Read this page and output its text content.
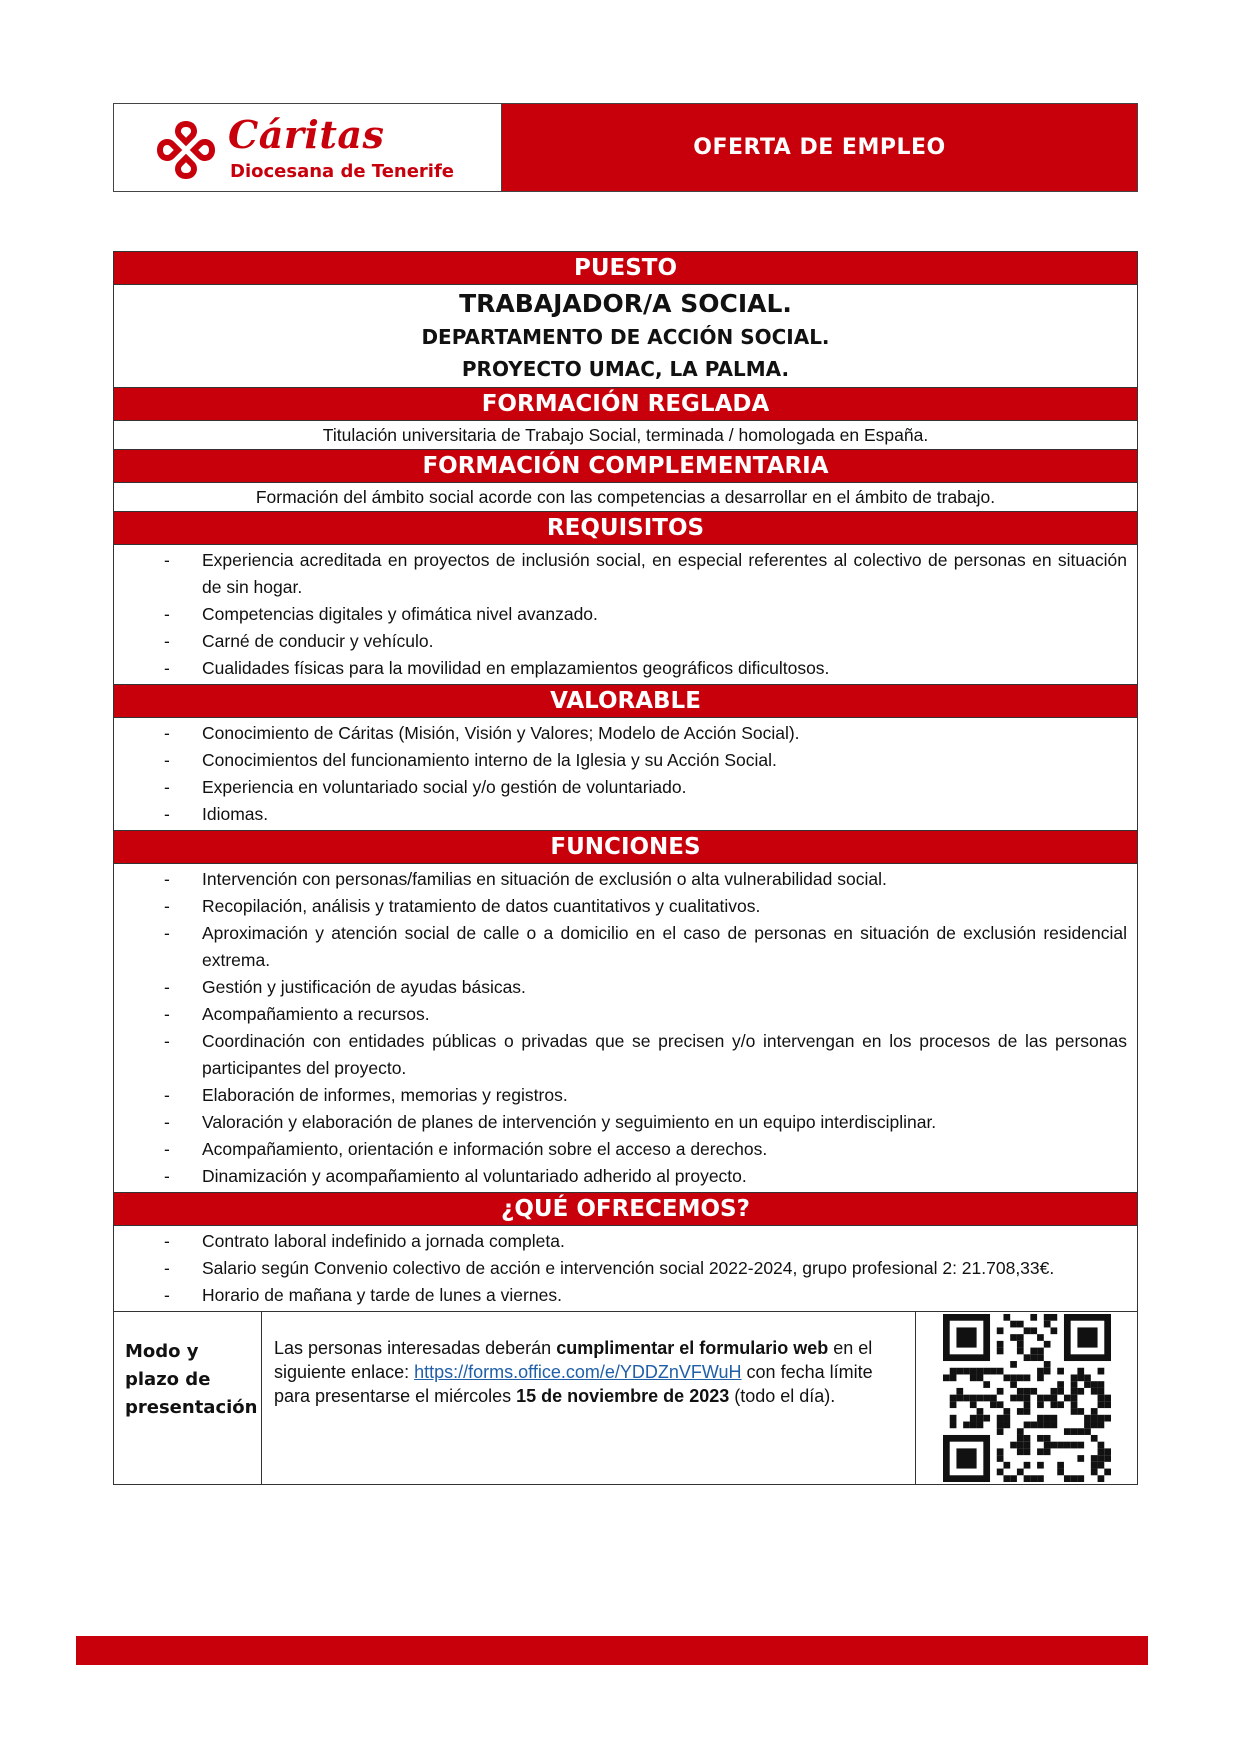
Cáritas
Diocesana de Tenerife
OFERTA DE EMPLEO
PUESTO
TRABAJADOR/A SOCIAL.
DEPARTAMENTO DE ACCIÓN SOCIAL.
PROYECTO UMAC, LA PALMA.
FORMACIÓN REGLADA
Titulación universitaria de Trabajo Social, terminada / homologada en España.
FORMACIÓN COMPLEMENTARIA
Formación del ámbito social acorde con las competencias a desarrollar en el ámbito de trabajo.
REQUISITOS
- Experiencia acreditada en proyectos de inclusión social, en especial referentes al colectivo de personas en situación de sin hogar.
- Competencias digitales y ofimática nivel avanzado.
- Carné de conducir y vehículo.
- Cualidades físicas para la movilidad en emplazamientos geográficos dificultosos.
VALORABLE
- Conocimiento de Cáritas (Misión, Visión y Valores; Modelo de Acción Social).
- Conocimientos del funcionamiento interno de la Iglesia y su Acción Social.
- Experiencia en voluntariado social y/o gestión de voluntariado.
- Idiomas.
FUNCIONES
- Intervención con personas/familias en situación de exclusión o alta vulnerabilidad social.
- Recopilación, análisis y tratamiento de datos cuantitativos y cualitativos.
- Aproximación y atención social de calle o a domicilio en el caso de personas en situación de exclusión residencial extrema.
- Gestión y justificación de ayudas básicas.
- Acompañamiento a recursos.
- Coordinación con entidades públicas o privadas que se precisen y/o intervengan en los procesos de las personas participantes del proyecto.
- Elaboración de informes, memorias y registros.
- Valoración y elaboración de planes de intervención y seguimiento en un equipo interdisciplinar.
- Acompañamiento, orientación e información sobre el acceso a derechos.
- Dinamización y acompañamiento al voluntariado adherido al proyecto.
¿QUÉ OFRECEMOS?
- Contrato laboral indefinido a jornada completa.
- Salario según Convenio colectivo de acción e intervención social 2022-2024, grupo profesional 2: 21.708,33€.
- Horario de mañana y tarde de lunes a viernes.
Modo y
plazo de
presentación
Las personas interesadas deberán cumplimentar el formulario web en el siguiente enlace: https://forms.office.com/e/YDDZnVFWuH con fecha límite para presentarse el miércoles 15 de noviembre de 2023 (todo el día).
